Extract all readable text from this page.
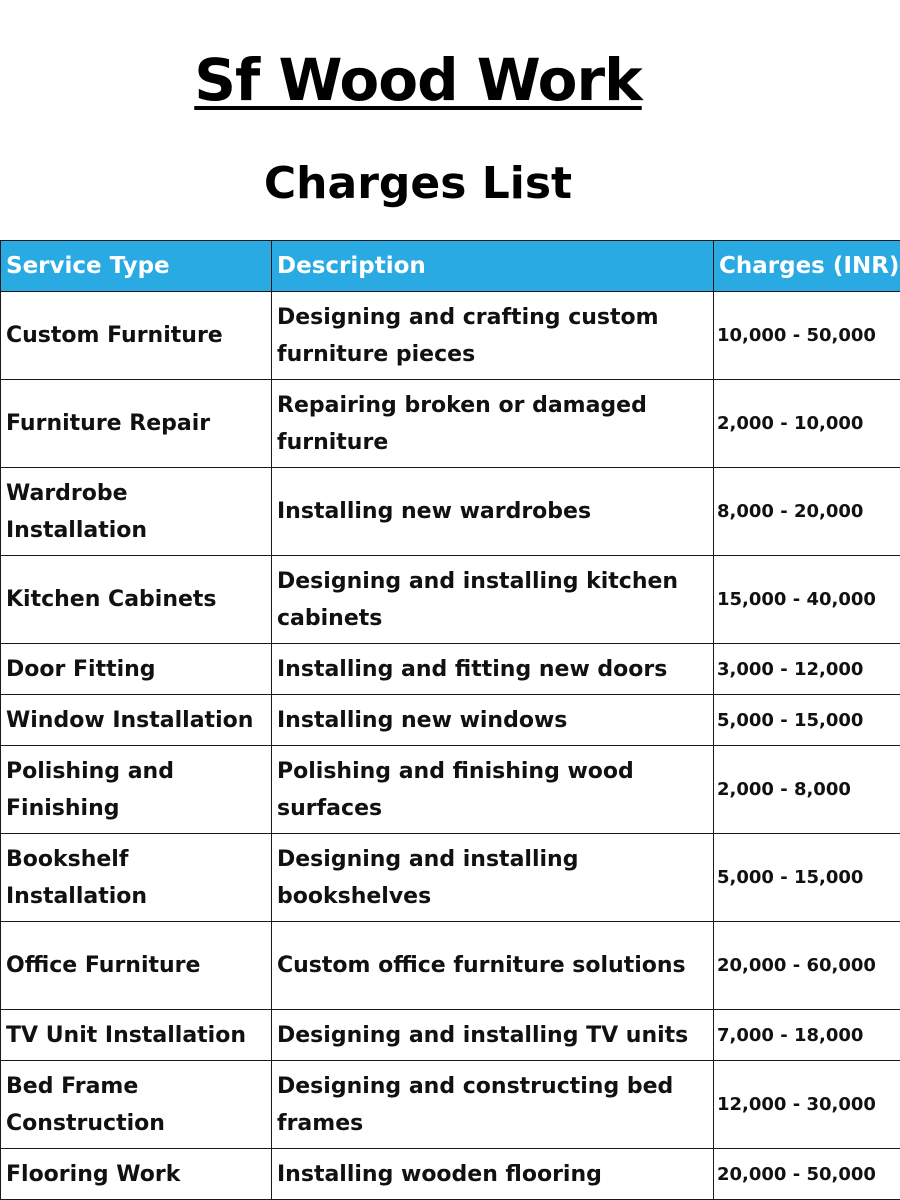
Sf Wood Work
Charges List
Service Type	Description	Charges (INR)
Custom Furniture	Designing and crafting custom furniture pieces	10,000 - 50,000
Furniture Repair	Repairing broken or damaged furniture	2,000 - 10,000
Wardrobe Installation	Installing new wardrobes	8,000 - 20,000
Kitchen Cabinets	Designing and installing kitchen cabinets	15,000 - 40,000
Door Fitting	Installing and fitting new doors	3,000 - 12,000
Window Installation	Installing new windows	5,000 - 15,000
Polishing and Finishing	Polishing and finishing wood surfaces	2,000 - 8,000
Bookshelf Installation	Designing and installing bookshelves	5,000 - 15,000
Office Furniture	Custom office furniture solutions	20,000 - 60,000
TV Unit Installation	Designing and installing TV units	7,000 - 18,000
Bed Frame Construction	Designing and constructing bed frames	12,000 - 30,000
Flooring Work	Installing wooden flooring	20,000 - 50,000
